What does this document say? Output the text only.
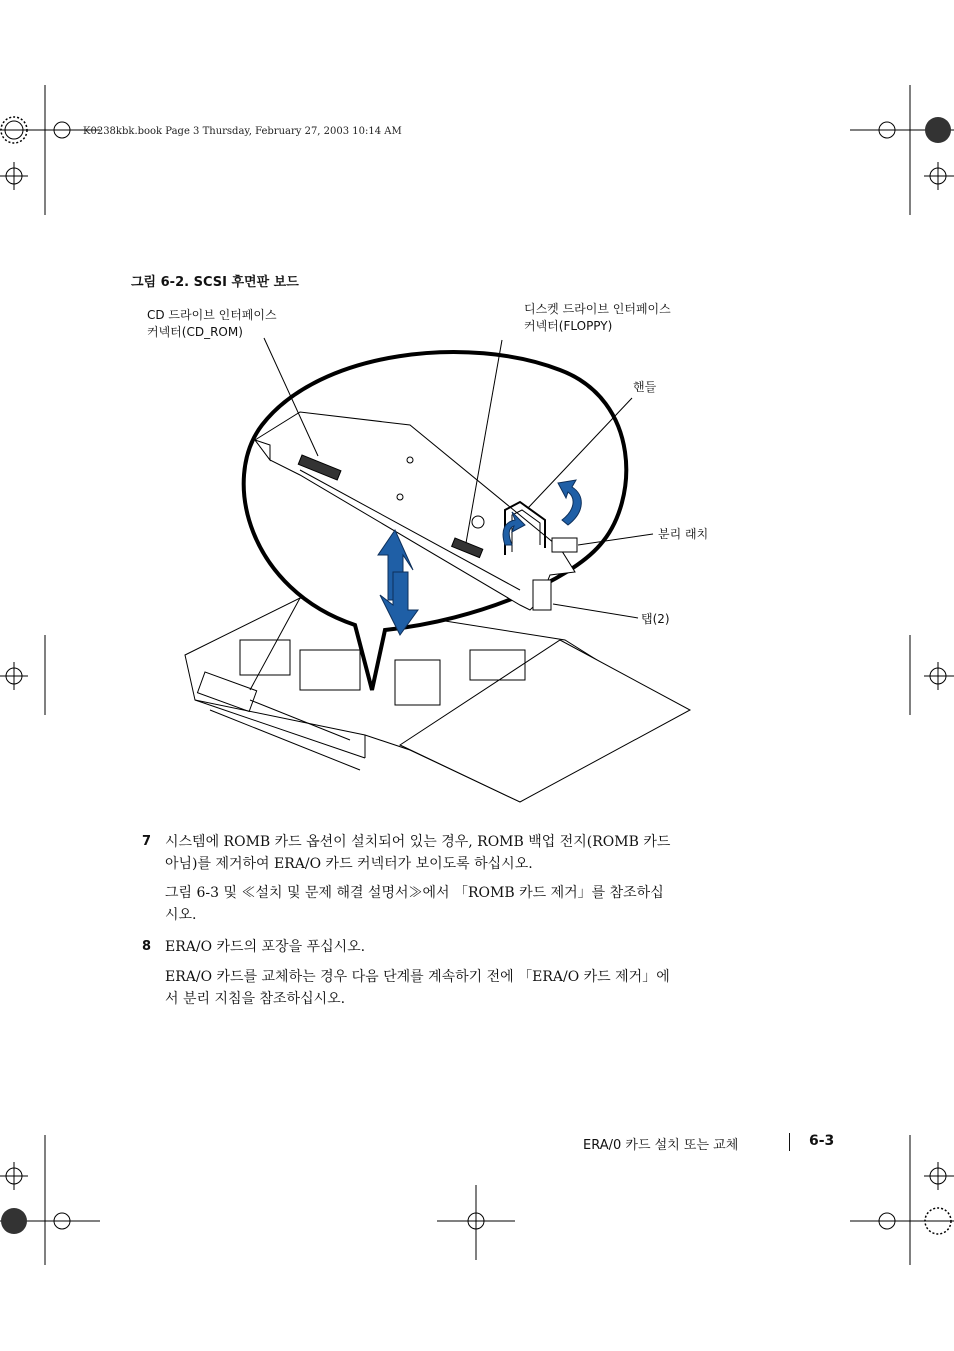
K0238kbk.book Page 3 Thursday, February 27, 2003 10:14 AM
그림 6-2. SCSI 후면판 보드
CD 드라이브 인터페이스
커넥터(CD_ROM)
디스켓 드라이브 인터페이스
커넥터(FLOPPY)
핸들
분리 래치
탭(2)
7 시스템에 ROMB 카드 옵션이 설치되어 있는 경우, ROMB 백업 전지(ROMB 카드
아님)를 제거하여 ERA/O 카드 커넥터가 보이도록 하십시오.
그림 6-3 및 ≪설치 및 문제 해결 설명서≫에서 「ROMB 카드 제거」를 참조하십
시오.
8 ERA/O 카드의 포장을 푸십시오.
ERA/O 카드를 교체하는 경우 다음 단계를 계속하기 전에 「ERA/O 카드 제거」에
서 분리 지침을 참조하십시오.
ERA/0 카드 설치 또는 교체	6-3
